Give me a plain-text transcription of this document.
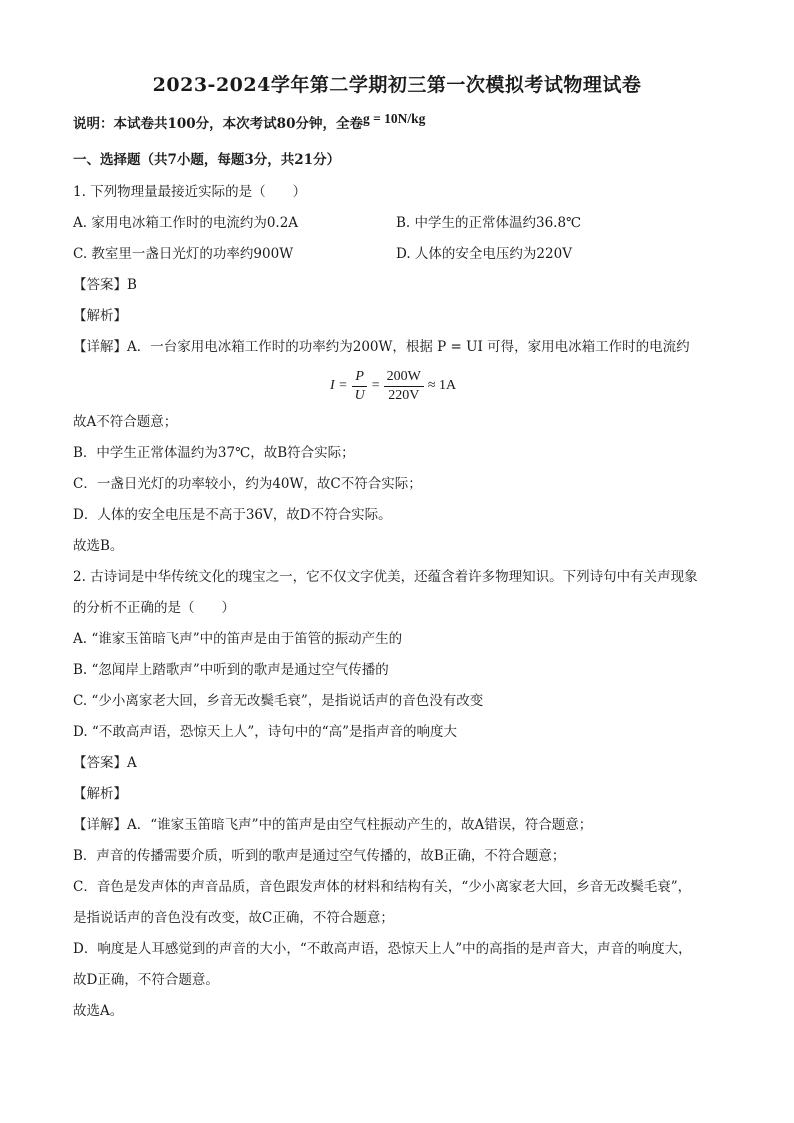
2023-2024学年第二学期初三第一次模拟考试物理试卷
说明：本试卷共100分，本次考试80分钟，全卷g = 10N/kg
一、选择题（共7小题，每题3分，共21分）
1. 下列物理量最接近实际的是（　　）
A. 家用电冰箱工作时的电流约为0.2A	B. 中学生的正常体温约36.8℃
C. 教室里一盏日光灯的功率约900W	D. 人体的安全电压约为220V
【答案】B
【解析】
【详解】A．一台家用电冰箱工作时的功率约为200W，根据 P = UI 可得，家用电冰箱工作时的电流约
$I = \frac{P}{U} = \frac{200W}{220V} \approx 1A$
故A不符合题意；
B．中学生正常体温约为37℃，故B符合实际；
C．一盏日光灯的功率较小，约为40W，故C不符合实际；
D．人体的安全电压是不高于36V，故D不符合实际。
故选B。
2. 古诗词是中华传统文化的瑰宝之一，它不仅文字优美，还蕴含着许多物理知识。下列诗句中有关声现象
的分析不正确的是（　　）
A. “谁家玉笛暗飞声”中的笛声是由于笛管的振动产生的
B. “忽闻岸上踏歌声”中听到的歌声是通过空气传播的
C. “少小离家老大回，乡音无改鬓毛衰”，是指说话声的音色没有改变
D. “不敢高声语，恐惊天上人”，诗句中的“高”是指声音的响度大
【答案】A
【解析】
【详解】A．“谁家玉笛暗飞声”中的笛声是由空气柱振动产生的，故A错误，符合题意；
B．声音的传播需要介质，听到的歌声是通过空气传播的，故B正确，不符合题意；
C．音色是发声体的声音品质，音色跟发声体的材料和结构有关，“少小离家老大回，乡音无改鬓毛衰”，
是指说话声的音色没有改变，故C正确，不符合题意；
D．响度是人耳感觉到的声音的大小，“不敢高声语，恐惊天上人”中的高指的是声音大，声音的响度大，
故D正确，不符合题意。
故选A。
